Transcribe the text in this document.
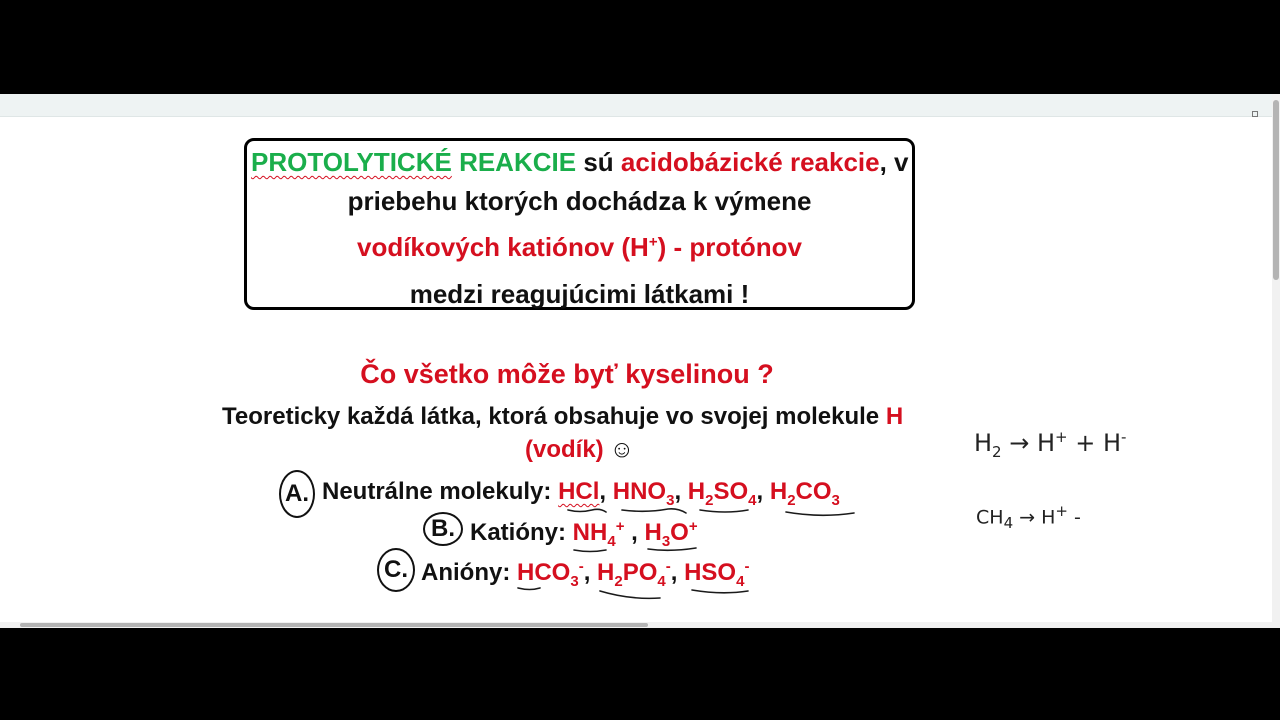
PROTOLYTICKÉ REAKCIE sú acidobázické reakcie, v
priebehu ktorých dochádza k výmene
vodíkových katiónov (H+) - protónov
medzi reagujúcimi látkami !
Čo všetko môže byť kyselinou ?
Teoreticky každá látka, ktorá obsahuje vo svojej molekule H
(vodík) ☺
A. Neutrálne molekuly: HCl, $HNO_3$, $H_2SO_4$, $H_2CO_3$
B. Katióny: $NH_4^+$ , $H_3O^+$
C. Anióny: $HCO_3^-$, $H_2PO_4^-$, $HSO_4^-$
$H_2 \to H^+ + H^-$
$CH_4 \to H^+$ -
